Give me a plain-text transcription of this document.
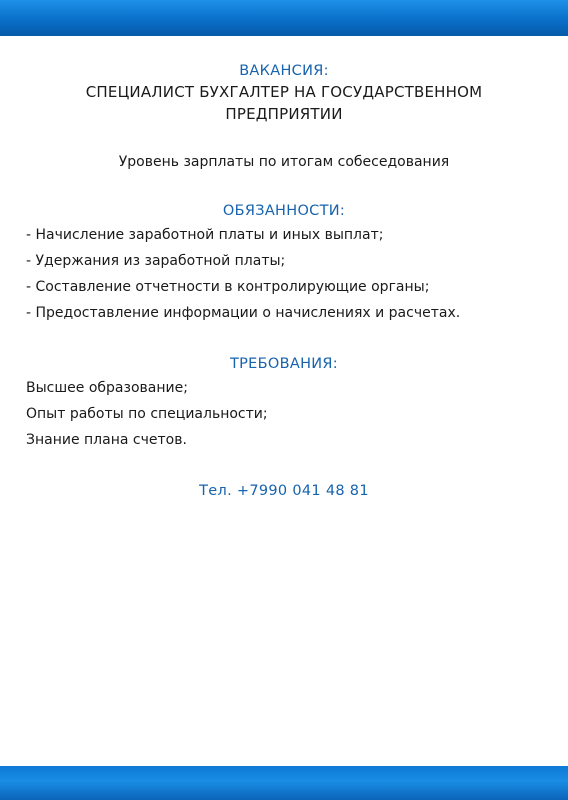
ВАКАНСИЯ:

СПЕЦИАЛИСТ БУХГАЛТЕР НА ГОСУДАРСТВЕННОМ ПРЕДПРИЯТИИ

Уровень зарплаты по итогам собеседования

ОБЯЗАННОСТИ:

- Начисление заработной платы и иных выплат;
- Удержания из заработной платы;
- Составление отчетности в контролирующие органы;
- Предоставление информации о начислениях и расчетах.

ТРЕБОВАНИЯ:

Высшее образование;
Опыт работы по специальности;
Знание плана счетов.

Тел. +7990 041 48 81
